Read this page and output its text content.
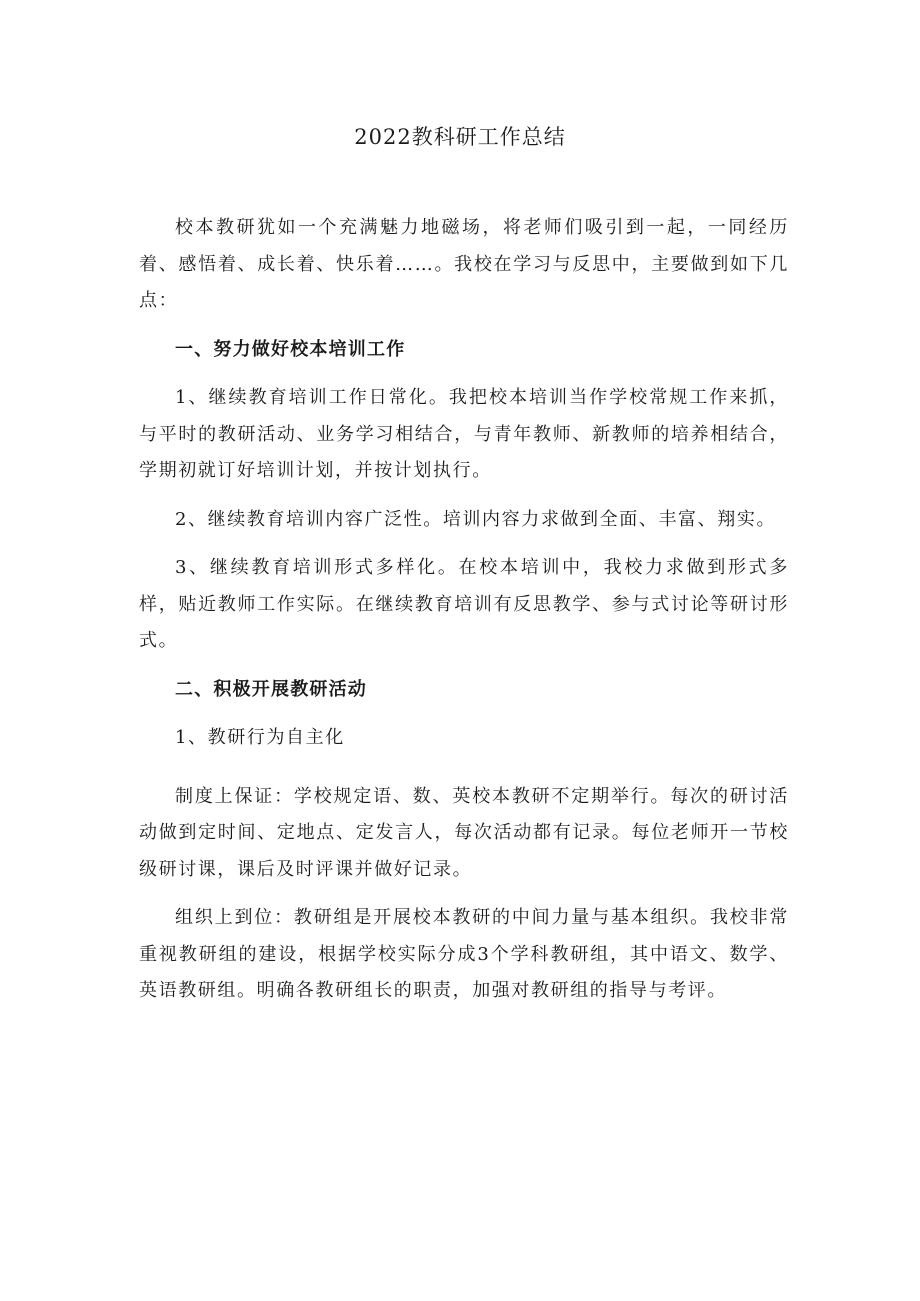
2022教科研工作总结

校本教研犹如一个充满魅力地磁场，将老师们吸引到一起，一同经历着、感悟着、成长着、快乐着……。我校在学习与反思中，主要做到如下几点：

一、努力做好校本培训工作

1、继续教育培训工作日常化。我把校本培训当作学校常规工作来抓，与平时的教研活动、业务学习相结合，与青年教师、新教师的培养相结合，学期初就订好培训计划，并按计划执行。

2、继续教育培训内容广泛性。培训内容力求做到全面、丰富、翔实。

3、继续教育培训形式多样化。在校本培训中，我校力求做到形式多样，贴近教师工作实际。在继续教育培训有反思教学、参与式讨论等研讨形式。

二、积极开展教研活动

1、教研行为自主化

制度上保证：学校规定语、数、英校本教研不定期举行。每次的研讨活动做到定时间、定地点、定发言人，每次活动都有记录。每位老师开一节校级研讨课，课后及时评课并做好记录。

组织上到位：教研组是开展校本教研的中间力量与基本组织。我校非常重视教研组的建设，根据学校实际分成3个学科教研组，其中语文、数学、英语教研组。明确各教研组长的职责，加强对教研组的指导与考评。
